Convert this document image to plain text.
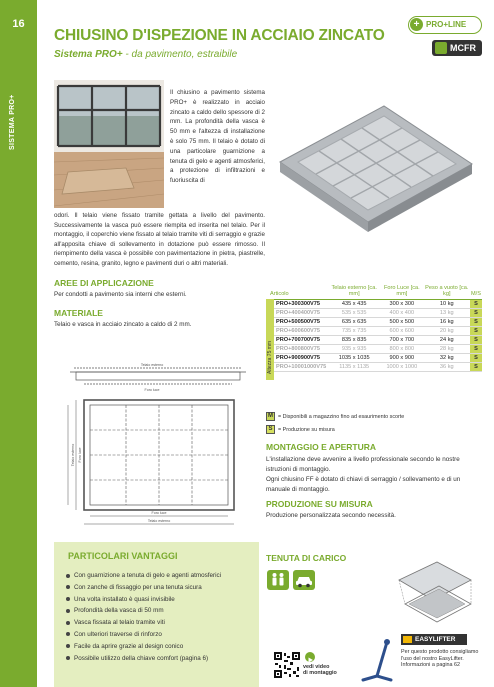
16
SISTEMA PRO+
CHIUSINO D'ISPEZIONE IN ACCIAIO ZINCATO
Sistema PRO+ - da pavimento, estraibile
+ PRO+LINE
MCFR
Il chiusino a pavimento sistema PRO+ è realizzato in acciaio zincato a caldo dello spessore di 2 mm. La profondità della vasca è 50 mm e l'altezza di installazione è solo 75 mm. Il telaio è dotato di una particolare guarnizione a tenuta di gelo e agenti atmosferici, a protezione di infiltrazioni e fuoriuscita di
odori. Il telaio viene fissato tramite gettata a livello del pavimento. Successivamente la vasca può essere riempita ed inserita nel telaio. Per il montaggio, il coperchio viene fissato al telaio tramite viti di serraggio e grazie all'apposita chiave di sollevamento in dotazione può essere rimosso. Il riempimento della vasca è possibile con pavimentazione in pietra, piastrelle, cemento, resina, granito, legno e pavimenti duri o altri materiali.
AREE DI APPLICAZIONE
Per condotti a pavimento sia interni che esterni.
MATERIALE
Telaio e vasca in acciaio zincato a caldo di 2 mm.
Telaio esterno
Foro luce
Foro luce
Telaio esterno
Telaio esterno Foro luce
Articolo	Telaio esterno [ca. mm]	Foro Luce [ca. mm]	Peso a vuoto [ca. kg]	M/S
PRO+300300V75	435 x 435	300 x 300	10 kg	S
PRO+400400V75	535 x 535	400 x 400	13 kg	S
PRO+500500V75	635 x 635	500 x 500	16 kg	S
PRO+600600V75	735 x 735	600 x 600	20 kg	S
PRO+700700V75	835 x 835	700 x 700	24 kg	S
PRO+800800V75	935 x 935	800 x 800	28 kg	S
PRO+900900V75	1035 x 1035	900 x 900	32 kg	S
PRO+10001000V75	1135 x 1135	1000 x 1000	36 kg	S
Altezza 75 mm
M = Disponibili a magazzino fino ad esaurimento scorte
S = Produzione su misura
MONTAGGIO E APERTURA
L'installazione deve avvenire a livello professionale secondo le nostre istruzioni di montaggio.
Ogni chiusino FF è dotato di chiavi di serraggio / sollevamento e di un manuale di montaggio.
PRODUZIONE SU MISURA
Produzione personalizzata secondo necessità.
PARTICOLARI VANTAGGI
Con guarnizione a tenuta di gelo e agenti atmosferici
Con zanche di fissaggio per una tenuta sicura
Una volta installato è quasi invisibile
Profondità della vasca di 50 mm
Vasca fissata al telaio tramite viti
Con ulteriori traverse di rinforzo
Facile da aprire grazie al design conico
Possibile utilizzo della chiave comfort (pagina 6)
TENUTA DI CARICO
vedi video
di montaggio
EASYLIFTER
Per questo prodotto consigliamo l'uso del nostro EasyLifter. Informazioni a pagina 62
